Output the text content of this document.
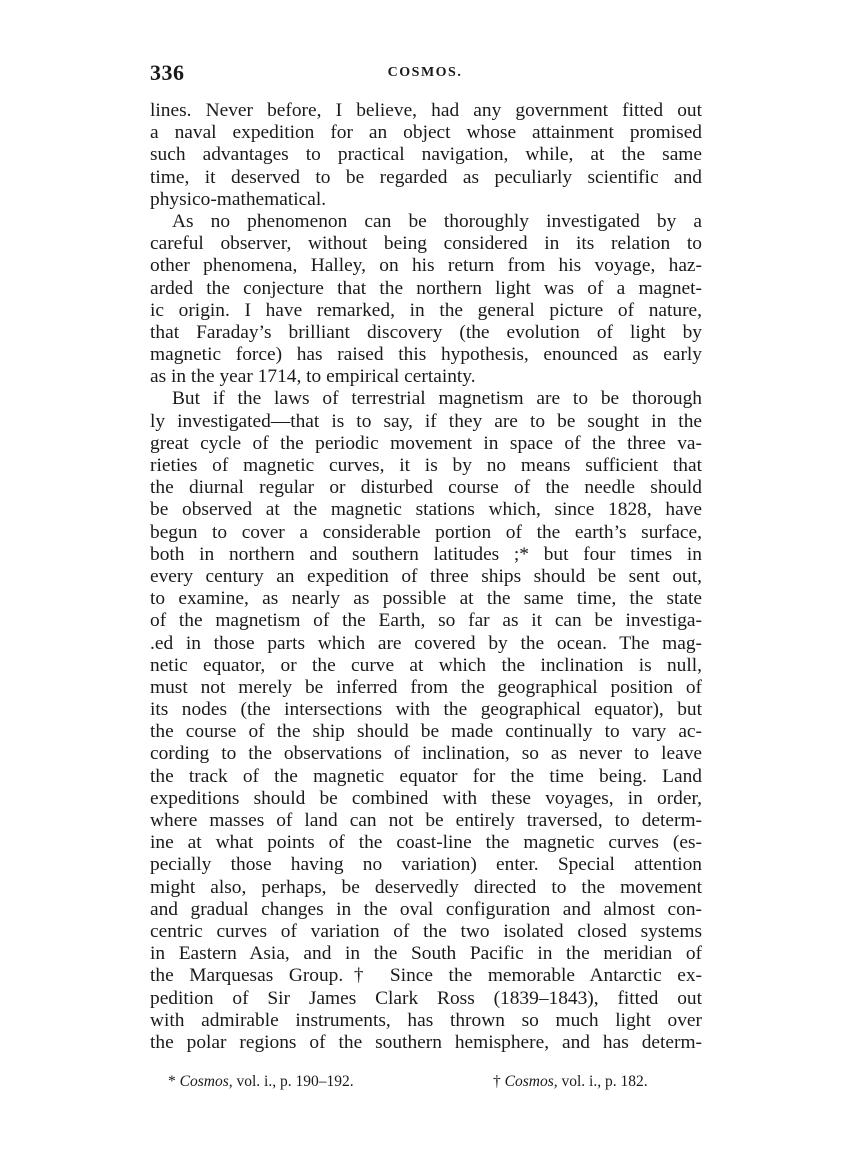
336	COSMOS.
lines. Never before, I believe, had any government fitted out
a naval expedition for an object whose attainment promised
such advantages to practical navigation, while, at the same
time, it deserved to be regarded as peculiarly scientific and
physico-mathematical.
As no phenomenon can be thoroughly investigated by a
careful observer, without being considered in its relation to
other phenomena, Halley, on his return from his voyage, haz-
arded the conjecture that the northern light was of a magnet-
ic origin. I have remarked, in the general picture of nature,
that Faraday’s brilliant discovery (the evolution of light by
magnetic force) has raised this hypothesis, enounced as early
as in the year 1714, to empirical certainty.
But if the laws of terrestrial magnetism are to be thorough
ly investigated—that is to say, if they are to be sought in the
great cycle of the periodic movement in space of the three va-
rieties of magnetic curves, it is by no means sufficient that
the diurnal regular or disturbed course of the needle should
be observed at the magnetic stations which, since 1828, have
begun to cover a considerable portion of the earth’s surface,
both in northern and southern latitudes ;* but four times in
every century an expedition of three ships should be sent out,
to examine, as nearly as possible at the same time, the state
of the magnetism of the Earth, so far as it can be investiga-
.ed in those parts which are covered by the ocean. The mag-
netic equator, or the curve at which the inclination is null,
must not merely be inferred from the geographical position of
its nodes (the intersections with the geographical equator), but
the course of the ship should be made continually to vary ac-
cording to the observations of inclination, so as never to leave
the track of the magnetic equator for the time being. Land
expeditions should be combined with these voyages, in order,
where masses of land can not be entirely traversed, to determ-
ine at what points of the coast-line the magnetic curves (es-
pecially those having no variation) enter. Special attention
might also, perhaps, be deservedly directed to the movement
and gradual changes in the oval configuration and almost con-
centric curves of variation of the two isolated closed systems
in Eastern Asia, and in the South Pacific in the meridian of
the Marquesas Group.† Since the memorable Antarctic ex-
pedition of Sir James Clark Ross (1839–1843), fitted out
with admirable instruments, has thrown so much light over
the polar regions of the southern hemisphere, and has determ-
* Cosmos, vol. i., p. 190–192.	† Cosmos, vol. i., p. 182.
